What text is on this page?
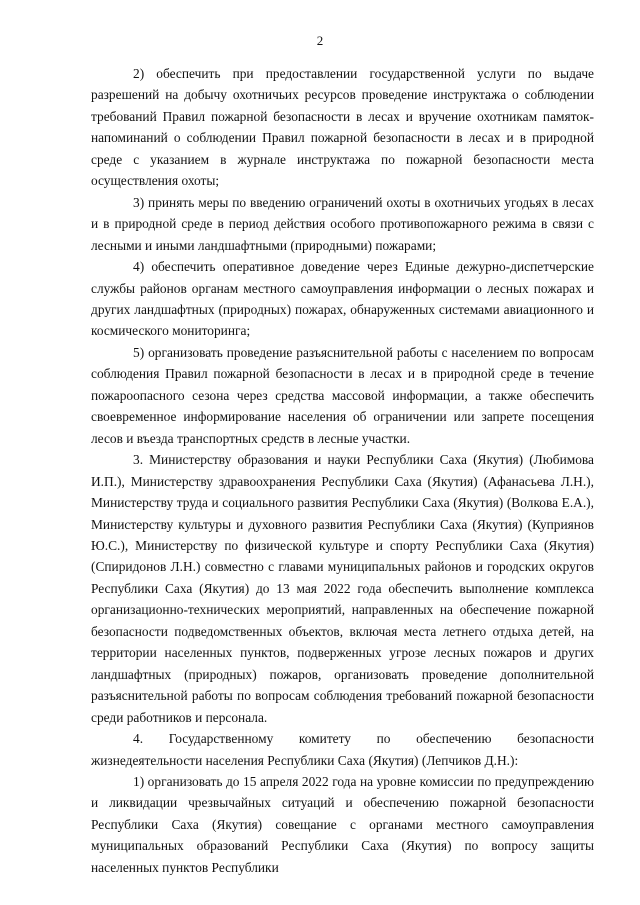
2

2) обеспечить при предоставлении государственной услуги по выдаче разрешений на добычу охотничьих ресурсов проведение инструктажа о соблюдении требований Правил пожарной безопасности в лесах и вручение охотникам памяток-напоминаний о соблюдении Правил пожарной безопасности в лесах и в природной среде с указанием в журнале инструктажа по пожарной безопасности места осуществления охоты;

3) принять меры по введению ограничений охоты в охотничьих угодьях в лесах и в природной среде в период действия особого противопожарного режима в связи с лесными и иными ландшафтными (природными) пожарами;

4) обеспечить оперативное доведение через Единые дежурно-диспетчерские службы районов органам местного самоуправления информации о лесных пожарах и других ландшафтных (природных) пожарах, обнаруженных системами авиационного и космического мониторинга;

5) организовать проведение разъяснительной работы с населением по вопросам соблюдения Правил пожарной безопасности в лесах и в природной среде в течение пожароопасного сезона через средства массовой информации, а также обеспечить своевременное информирование населения об ограничении или запрете посещения лесов и въезда транспортных средств в лесные участки.

3. Министерству образования и науки Республики Саха (Якутия) (Любимова И.П.), Министерству здравоохранения Республики Саха (Якутия) (Афанасьева Л.Н.), Министерству труда и социального развития Республики Саха (Якутия) (Волкова Е.А.), Министерству культуры и духовного развития Республики Саха (Якутия) (Куприянов Ю.С.), Министерству по физической культуре и спорту Республики Саха (Якутия) (Спиридонов Л.Н.) совместно с главами муниципальных районов и городских округов Республики Саха (Якутия) до 13 мая 2022 года обеспечить выполнение комплекса организационно-технических мероприятий, направленных на обеспечение пожарной безопасности подведомственных объектов, включая места летнего отдыха детей, на территории населенных пунктов, подверженных угрозе лесных пожаров и других ландшафтных (природных) пожаров, организовать проведение дополнительной разъяснительной работы по вопросам соблюдения требований пожарной безопасности среди работников и персонала.

4. Государственному комитету по обеспечению безопасности жизнедеятельности населения Республики Саха (Якутия) (Лепчиков Д.Н.):

1) организовать до 15 апреля 2022 года на уровне комиссии по предупреждению и ликвидации чрезвычайных ситуаций и обеспечению пожарной безопасности Республики Саха (Якутия) совещание с органами местного самоуправления муниципальных образований Республики Саха (Якутия) по вопросу защиты населенных пунктов Республики
